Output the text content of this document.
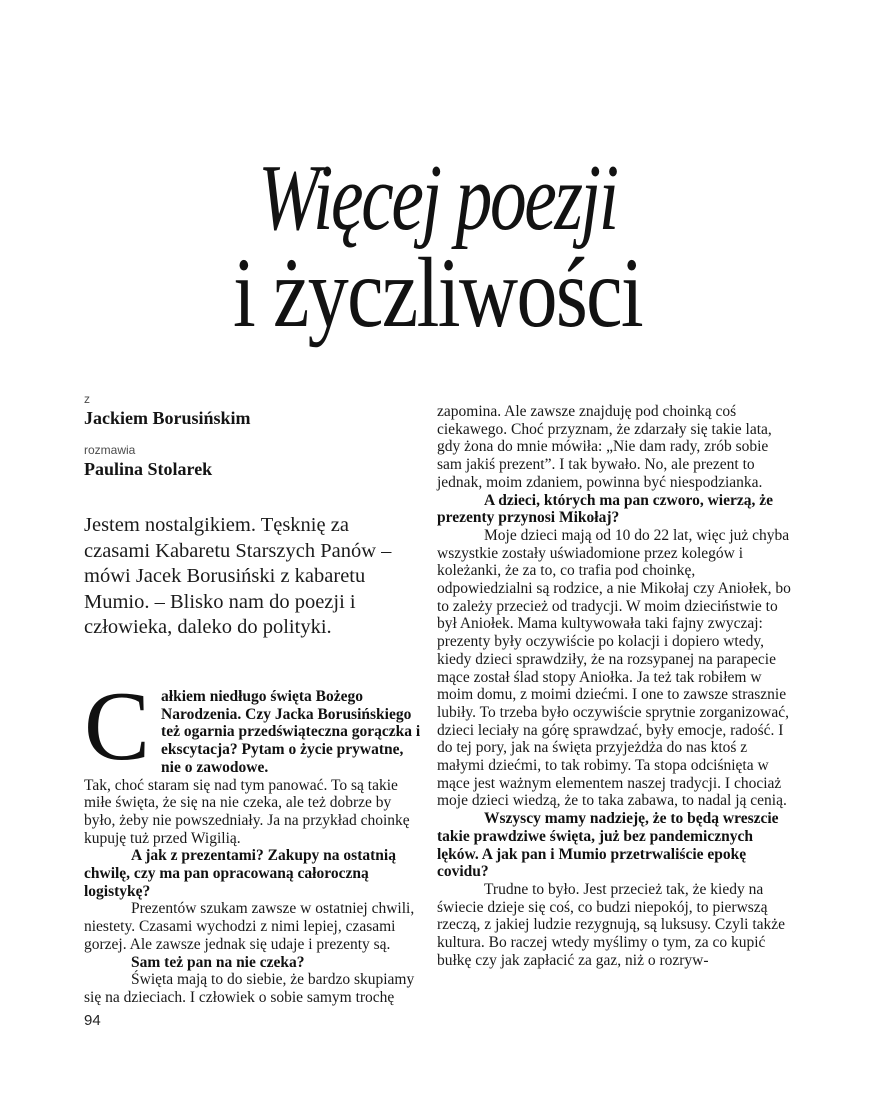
Więcej poezji
i życzliwości
z
Jackiem Borusińskim
rozmawia
Paulina Stolarek
Jestem nostalgikiem. Tęsknię za czasami Kabaretu Starszych Panów – mówi Jacek Borusiński z kabaretu Mumio. – Blisko nam do poezji i człowieka, daleko do polityki.

Całkiem niedługo święta Bożego Narodzenia. Czy Jacka Borusińskiego też ogarnia przedświąteczna gorączka i ekscytacja? Pytam o życie prywatne, nie o zawodowe.

Tak, choć staram się nad tym panować. To są takie miłe święta, że się na nie czeka, ale też dobrze by było, żeby nie powszedniały. Ja na przykład choinkę kupuję tuż przed Wigilią.

A jak z prezentami? Zakupy na ostatnią chwilę, czy ma pan opracowaną całoroczną logistykę?

Prezentów szukam zawsze w ostatniej chwili, niestety. Czasami wychodzi z nimi lepiej, czasami gorzej. Ale zawsze jednak się udaje i prezenty są.

Sam też pan na nie czeka?

Święta mają to do siebie, że bardzo skupiamy się na dzieciach. I człowiek o sobie samym trochę

zapomina. Ale zawsze znajduję pod choinką coś ciekawego. Choć przyznam, że zdarzały się takie lata, gdy żona do mnie mówiła: „Nie dam rady, zrób sobie sam jakiś prezent”. I tak bywało. No, ale prezent to jednak, moim zdaniem, powinna być niespodzianka.

A dzieci, których ma pan czworo, wierzą, że prezenty przynosi Mikołaj?

Moje dzieci mają od 10 do 22 lat, więc już chyba wszystkie zostały uświadomione przez kolegów i koleżanki, że za to, co trafia pod choinkę, odpowiedzialni są rodzice, a nie Mikołaj czy Aniołek, bo to zależy przecież od tradycji. W moim dzieciństwie to był Aniołek. Mama kultywowała taki fajny zwyczaj: prezenty były oczywiście po kolacji i dopiero wtedy, kiedy dzieci sprawdziły, że na rozsypanej na parapecie mące został ślad stopy Aniołka. Ja też tak robiłem w moim domu, z moimi dziećmi. I one to zawsze strasznie lubiły. To trzeba było oczywiście sprytnie zorganizować, dzieci leciały na górę sprawdzać, były emocje, radość. I do tej pory, jak na święta przyjeżdża do nas ktoś z małymi dziećmi, to tak robimy. Ta stopa odciśnięta w mące jest ważnym elementem naszej tradycji. I chociaż moje dzieci wiedzą, że to taka zabawa, to nadal ją cenią.

Wszyscy mamy nadzieję, że to będą wreszcie takie prawdziwe święta, już bez pandemicznych lęków. A jak pan i Mumio przetrwaliście epokę covidu?

Trudne to było. Jest przecież tak, że kiedy na świecie dzieje się coś, co budzi niepokój, to pierwszą rzeczą, z jakiej ludzie rezygnują, są luksusy. Czyli także kultura. Bo raczej wtedy myślimy o tym, za co kupić bułkę czy jak zapłacić za gaz, niż o rozryw-

94
